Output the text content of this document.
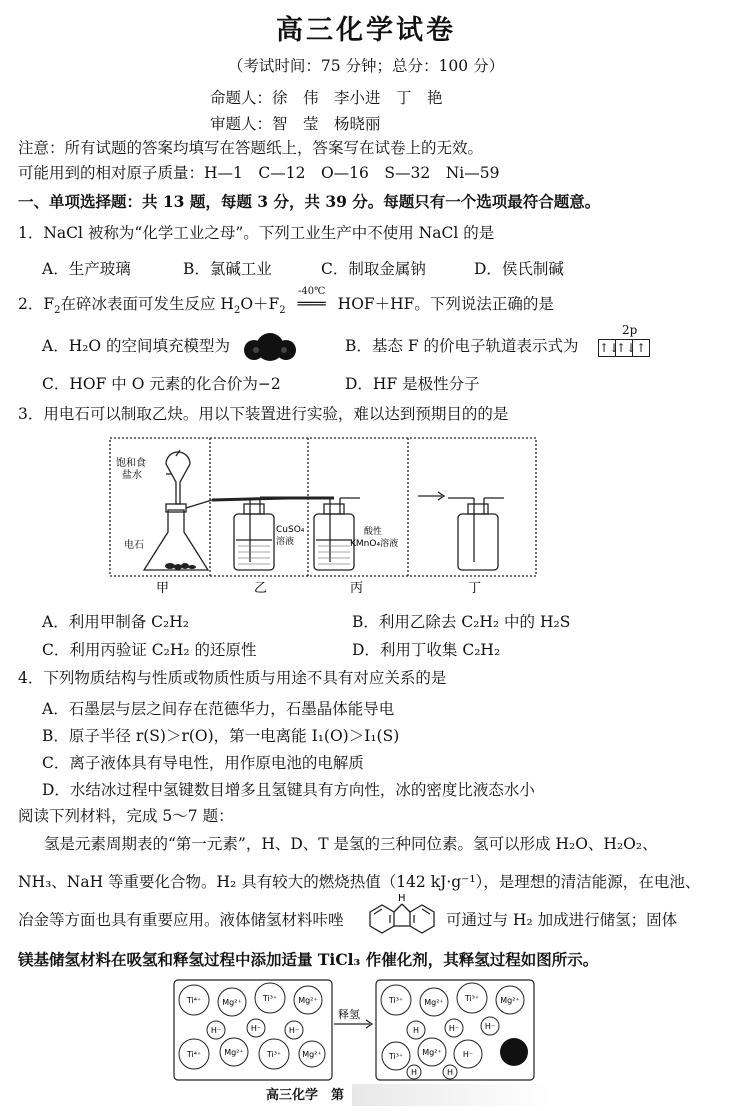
高三化学试卷
（考试时间：75 分钟；总分：100 分）
命题人：徐　伟　李小进　丁　艳
审题人：智　莹　杨晓丽
注意：所有试题的答案均填写在答题纸上，答案写在试卷上的无效。
可能用到的相对原子质量：H—1　C—12　O—16　S—32　Ni—59
一、单项选择题：共 13 题，每题 3 分，共 39 分。每题只有一个选项最符合题意。
1．NaCl 被称为“化学工业之母”。下列工业生产中不使用 NaCl 的是
A．生产玻璃	B．氯碱工业	C．制取金属钠	D．侯氏制碱
2．$F_2$在碎冰表面可发生反应 $H_2O+F_2$
-40℃
═══ HOF＋HF。下列说法正确的是
A．H₂O 的空间填充模型为	B．基态 F 的价电子轨道表示式为
2p
↑↓
↑↓ ↑
C．HOF 中 O 元素的化合价为−2	D．HF 是极性分子
3．用电石可以制取乙炔。用以下装置进行实验，难以达到预期目的的是
饱和食
盐水
电石
CuSO₄
溶液
酸性
KMnO₄溶液
甲	乙	丙	丁
A．利用甲制备 C₂H₂	B．利用乙除去 C₂H₂ 中的 H₂S
C．利用丙验证 C₂H₂ 的还原性	D．利用丁收集 C₂H₂
4．下列物质结构与性质或物质性质与用途不具有对应关系的是
A．石墨层与层之间存在范德华力，石墨晶体能导电
B．原子半径 r(S)＞r(O)，第一电离能 I₁(O)＞I₁(S)
C．离子液体具有导电性，用作原电池的电解质
D．水结冰过程中氢键数目增多且氢键具有方向性，冰的密度比液态水小
阅读下列材料，完成 5～7 题：
氢是元素周期表的“第一元素”，H、D、T 是氢的三种同位素。氢可以形成 H₂O、H₂O₂、
NH₃、NaH 等重要化合物。H₂ 具有较大的燃烧热值（142 kJ·g⁻¹），是理想的清洁能源，在电池、
冶金等方面也具有重要应用。液体储氢材料咔唑
H
可通过与 H₂ 加成进行储氢；固体
镁基储氢材料在吸氢和释氢过程中添加适量 TiCl₃ 作催化剂，其释氢过程如图所示。
释氢
Ti⁴⁺	Mg²⁺	Ti³⁺	Mg²⁺
H⁻	H⁻	H⁻
Ti⁴⁺	Mg²⁺	Ti³⁺	Mg²⁺
Ti³⁺	Mg²⁺	Ti³⁺	Mg²⁺
H	H⁻	H⁻
Ti³⁺ Mg²⁺	H⁻
H	H
高三化学　第
